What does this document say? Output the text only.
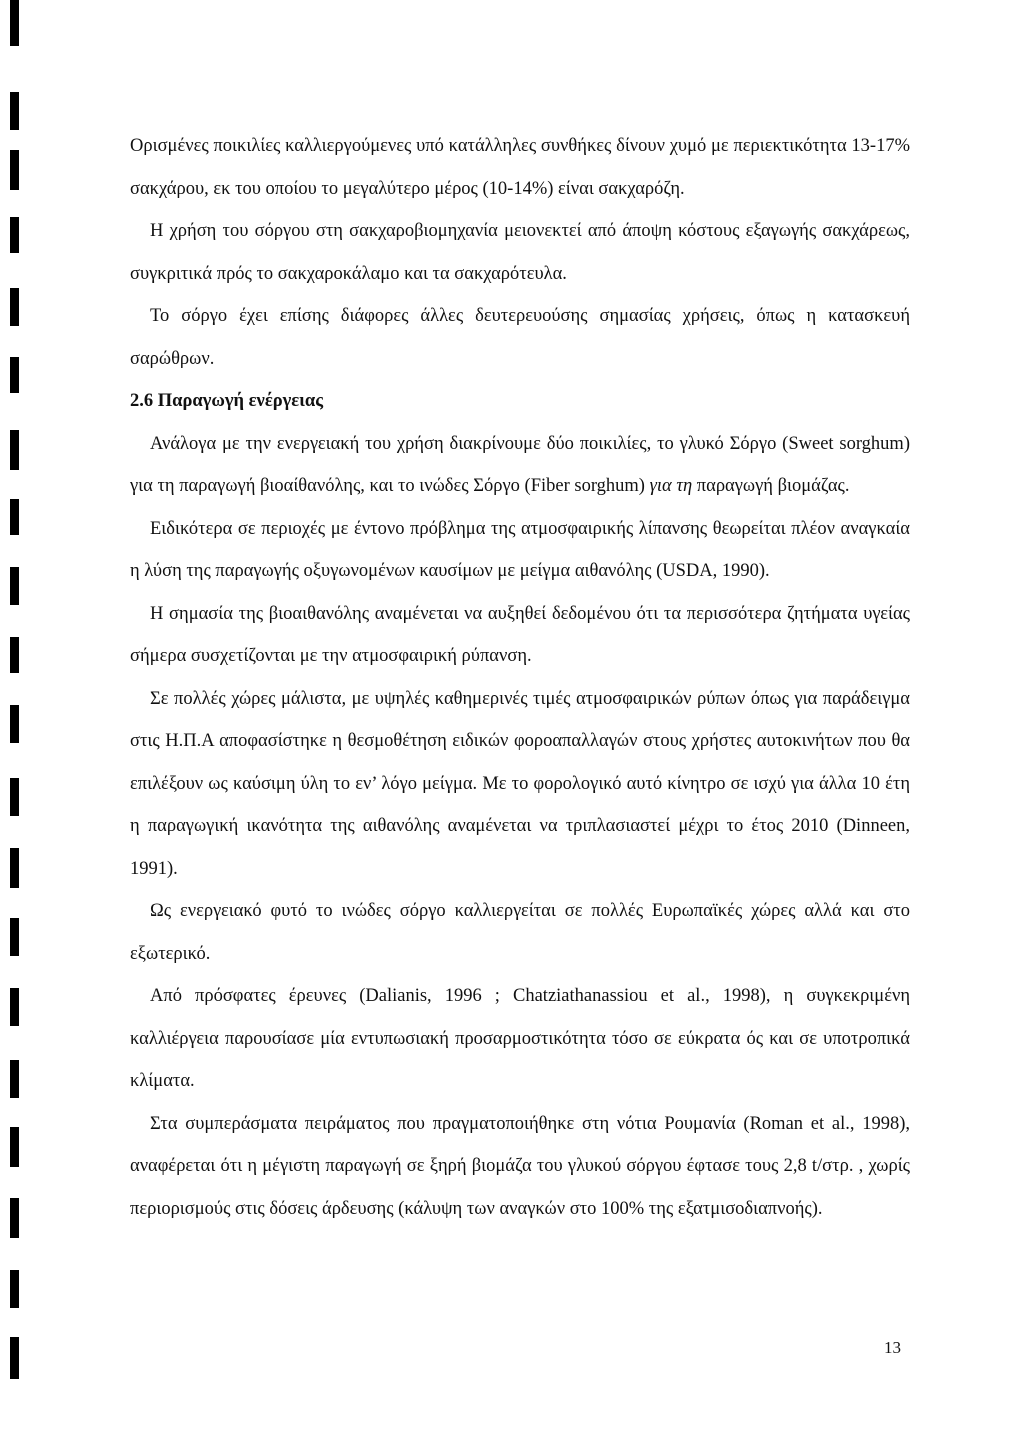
Ορισμένες ποικιλίες καλλιεργούμενες υπό κατάλληλες συνθήκες δίνουν χυμό με περιεκτικότητα 13-17% σακχάρου, εκ του οποίου το μεγαλύτερο μέρος (10-14%) είναι σακχαρόζη.

Η χρήση του σόργου στη σακχαροβιομηχανία μειονεκτεί από άποψη κόστους εξαγωγής σακχάρεως, συγκριτικά πρός το σακχαροκάλαμο και τα σακχαρότευλα.

Το σόργο έχει επίσης διάφορες άλλες δευτερευούσης σημασίας χρήσεις, όπως η κατασκευή σαρώθρων.

2.6 Παραγωγή ενέργειας

Ανάλογα με την ενεργειακή του χρήση διακρίνουμε δύο ποικιλίες, το γλυκό Σόργο (Sweet sorghum) για τη παραγωγή βιοαίθανόλης, και το ινώδες Σόργο (Fiber sorghum) για τη παραγωγή βιομάζας.

Ειδικότερα σε περιοχές με έντονο πρόβλημα της ατμοσφαιρικής λίπανσης θεωρείται πλέον αναγκαία η λύση της παραγωγής οξυγωνομένων καυσίμων με μείγμα αιθανόλης (USDA, 1990).

Η σημασία της βιοαιθανόλης αναμένεται να αυξηθεί δεδομένου ότι τα περισσότερα ζητήματα υγείας σήμερα συσχετίζονται με την ατμοσφαιρική ρύπανση.

Σε πολλές χώρες μάλιστα, με υψηλές καθημερινές τιμές ατμοσφαιρικών ρύπων όπως για παράδειγμα στις Η.Π.Α αποφασίστηκε η θεσμοθέτηση ειδικών φοροαπαλλαγών στους χρήστες αυτοκινήτων που θα επιλέξουν ως καύσιμη ύλη το εν’ λόγο μείγμα. Με το φορολογικό αυτό κίνητρο σε ισχύ για άλλα 10 έτη η παραγωγική ικανότητα της αιθανόλης αναμένεται να τριπλασιαστεί μέχρι το έτος 2010 (Dinneen, 1991).

Ως ενεργειακό φυτό το ινώδες σόργο καλλιεργείται σε πολλές Ευρωπαϊκές χώρες αλλά και στο εξωτερικό.

Από πρόσφατες έρευνες (Dalianis, 1996 ; Chatziathanassiou et al., 1998), η συγκεκριμένη καλλιέργεια παρουσίασε μία εντυπωσιακή προσαρμοστικότητα τόσο σε εύκρατα ός και σε υποτροπικά κλίματα.

Στα συμπεράσματα πειράματος που πραγματοποιήθηκε στη νότια Ρουμανία (Roman et al., 1998), αναφέρεται ότι η μέγιστη παραγωγή σε ξηρή βιομάζα του γλυκού σόργου έφτασε τους 2,8 t/στρ. , χωρίς περιορισμούς στις δόσεις άρδευσης (κάλυψη των αναγκών στο 100% της εξατμισοδιαπνοής).

13
